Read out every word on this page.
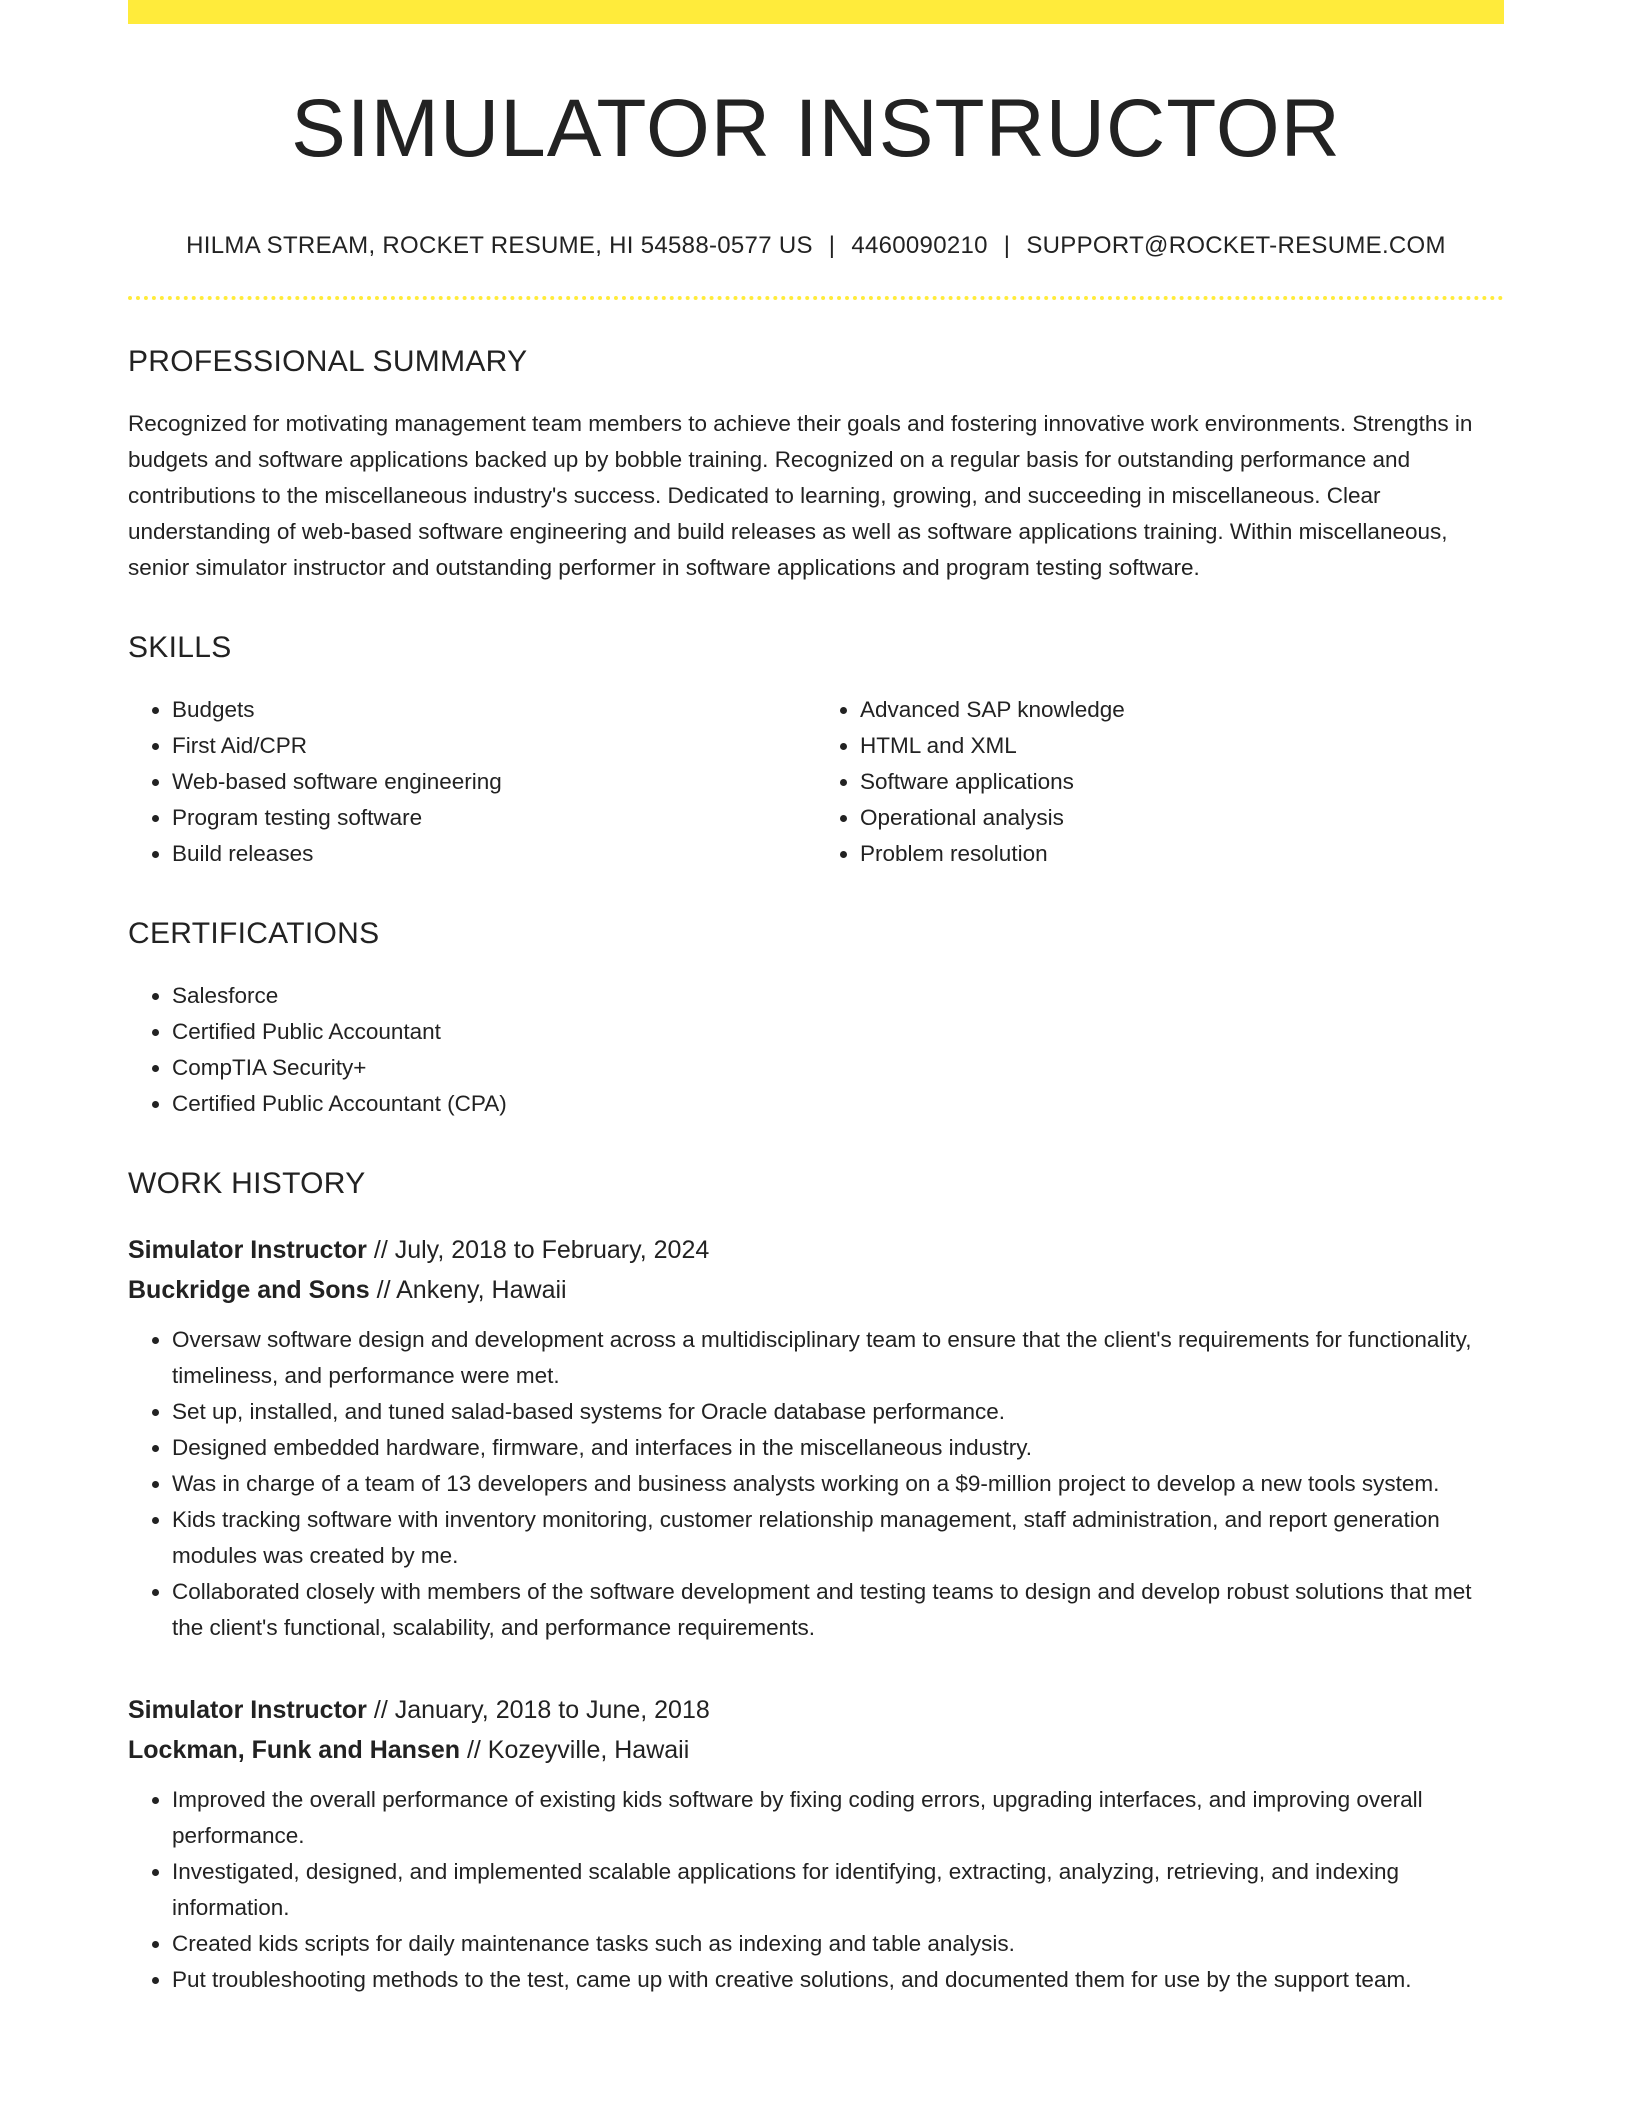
SIMULATOR INSTRUCTOR
HILMA STREAM, ROCKET RESUME, HI 54588-0577 US | 4460090210 | SUPPORT@ROCKET-RESUME.COM
PROFESSIONAL SUMMARY

Recognized for motivating management team members to achieve their goals and fostering innovative work environments. Strengths in budgets and software applications backed up by bobble training. Recognized on a regular basis for outstanding performance and contributions to the miscellaneous industry's success. Dedicated to learning, growing, and succeeding in miscellaneous. Clear understanding of web-based software engineering and build releases as well as software applications training. Within miscellaneous, senior simulator instructor and outstanding performer in software applications and program testing software.

SKILLS
• Budgets
• First Aid/CPR
• Web-based software engineering
• Program testing software
• Build releases
• Advanced SAP knowledge
• HTML and XML
• Software applications
• Operational analysis
• Problem resolution
CERTIFICATIONS
• Salesforce
• Certified Public Accountant
• CompTIA Security+
• Certified Public Accountant (CPA)
WORK HISTORY
Simulator Instructor // July, 2018 to February, 2024
Buckridge and Sons // Ankeny, Hawaii
• Oversaw software design and development across a multidisciplinary team to ensure that the client's requirements for functionality, timeliness, and performance were met.
• Set up, installed, and tuned salad-based systems for Oracle database performance.
• Designed embedded hardware, firmware, and interfaces in the miscellaneous industry.
• Was in charge of a team of 13 developers and business analysts working on a $9-million project to develop a new tools system.
• Kids tracking software with inventory monitoring, customer relationship management, staff administration, and report generation modules was created by me.
• Collaborated closely with members of the software development and testing teams to design and develop robust solutions that met the client's functional, scalability, and performance requirements.
Simulator Instructor // January, 2018 to June, 2018
Lockman, Funk and Hansen // Kozeyville, Hawaii
• Improved the overall performance of existing kids software by fixing coding errors, upgrading interfaces, and improving overall performance.
• Investigated, designed, and implemented scalable applications for identifying, extracting, analyzing, retrieving, and indexing information.
• Created kids scripts for daily maintenance tasks such as indexing and table analysis.
• Put troubleshooting methods to the test, came up with creative solutions, and documented them for use by the support team.
